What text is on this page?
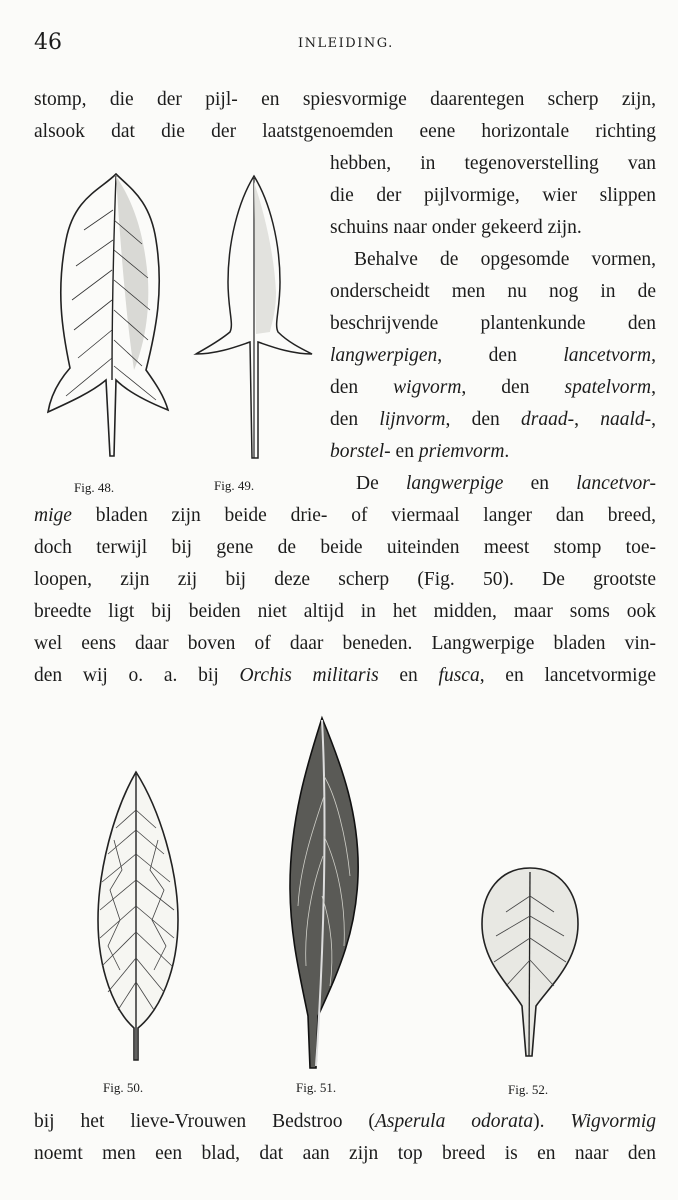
46	INLEIDING.
stomp, die der pijl- en spiesvormige daarentegen scherp zijn,
alsook dat die der laatstgenoemden eene horizontale richting
hebben, in tegenoverstelling van
die der pijlvormige, wier slippen
schuins naar onder gekeerd zijn.
Behalve de opgesomde vormen,
onderscheidt men nu nog in de
beschrijvende plantenkunde den
langwerpigen, den lancetvorm,
den wigvorm, den spatelvorm,
den lijnvorm, den draad-, naald-,
borstel- en priemvorm.
De langwerpige en lancetvor-
mige bladen zijn beide drie- of viermaal langer dan breed,
doch terwijl bij gene de beide uiteinden meest stomp toe-
loopen, zijn zij bij deze scherp (Fig. 50). De grootste
breedte ligt bij beiden niet altijd in het midden, maar soms ook
wel eens daar boven of daar beneden. Langwerpige bladen vin-
den wij o. a. bij Orchis militaris en fusca, en lancetvormige
bij het lieve-Vrouwen Bedstroo (Asperula odorata). Wigvormig
noemt men een blad, dat aan zijn top breed is en naar den
Fig. 48.	Fig. 49.
Fig. 50.	Fig. 51.	Fig. 52.
